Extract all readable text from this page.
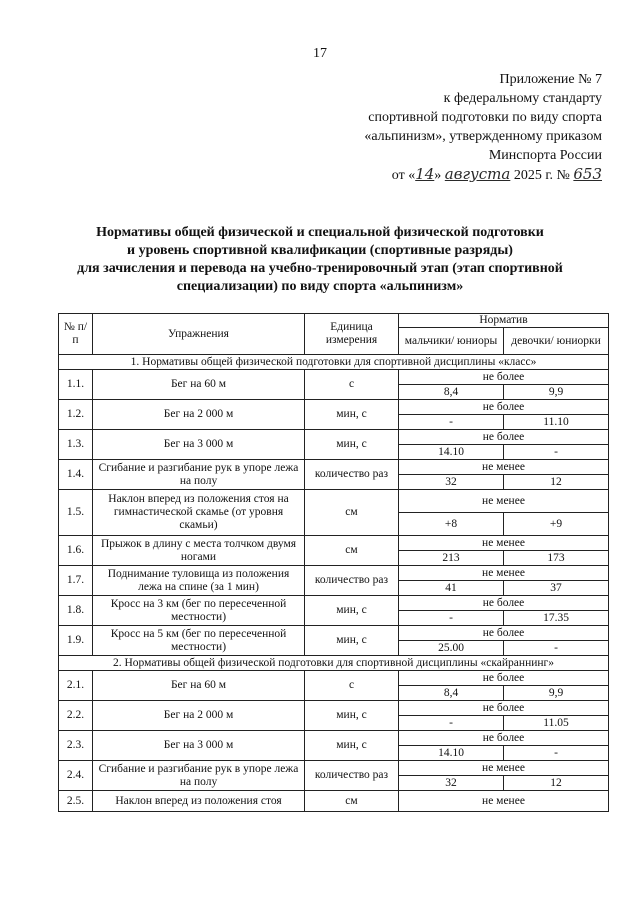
17
Приложение № 7
к федеральному стандарту
спортивной подготовки по виду спорта
«альпинизм», утвержденному приказом
Минспорта России
от «14» августа 2025 г. № 653
Нормативы общей физической и специальной физической подготовки
и уровень спортивной квалификации (спортивные разряды)
для зачисления и перевода на учебно-тренировочный этап (этап спортивной
специализации) по виду спорта «альпинизм»
№ п/п	Упражнения	Единица измерения	Норматив	
			мальчики/ юниоры	девочки/ юниорки
1. Нормативы общей физической подготовки для спортивной дисциплины «класс»				
1.1.	Бег на 60 м	с	не более	
			8,4	9,9
1.2.	Бег на 2 000 м	мин, с	не более	
			-	11.10
1.3.	Бег на 3 000 м	мин, с	не более	
			14.10	-
1.4.	Сгибание и разгибание рук в упоре лежа на полу	количество раз	не менее	
			32	12
1.5.	Наклон вперед из положения стоя на гимнастической скамье (от уровня скамьи)	см	не менее	
			+8	+9
1.6.	Прыжок в длину с места толчком двумя ногами	см	не менее	
			213	173
1.7.	Поднимание туловища из положения лежа на спине (за 1 мин)	количество раз	не менее	
			41	37
1.8.	Кросс на 3 км (бег по пересеченной местности)	мин, с	не более	
			-	17.35
1.9.	Кросс на 5 км (бег по пересеченной местности)	мин, с	не более	
			25.00	-
2. Нормативы общей физической подготовки для спортивной дисциплины «скайраннинг»				
2.1.	Бег на 60 м	с	не более	
			8,4	9,9
2.2.	Бег на 2 000 м	мин, с	не более	
			-	11.05
2.3.	Бег на 3 000 м	мин, с	не более	
			14.10	-
2.4.	Сгибание и разгибание рук в упоре лежа на полу	количество раз	не менее	
			32	12
2.5.	Наклон вперед из положения стоя	см	не менее	
